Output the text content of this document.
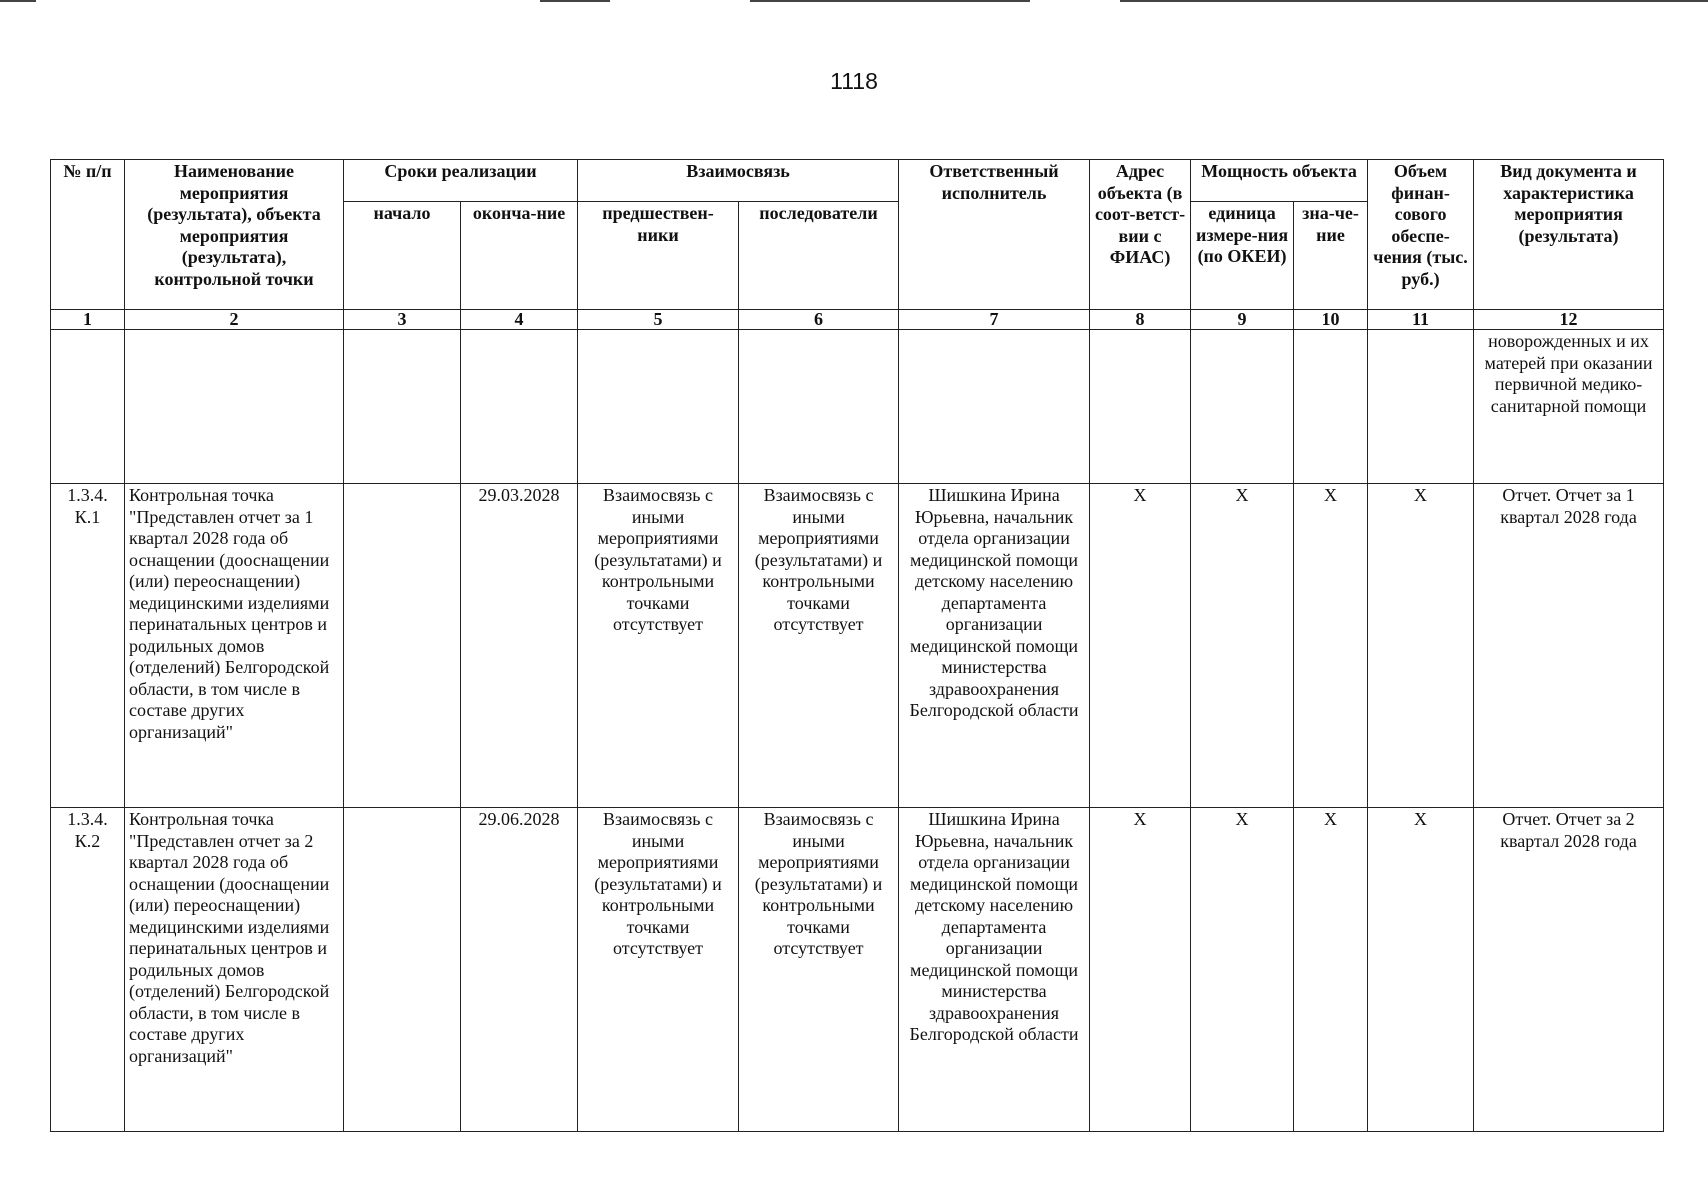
1118
№ п/п	Наименование мероприятия (результата), объекта мероприятия (результата), контрольной точки	Сроки реализации		Взаимосвязь		Ответственный исполнитель	Адрес объекта (в соот-ветст-вии с ФИАС)	Мощность объекта		Объем финан-сового обеспе-чения (тыс. руб.)	Вид документа и характеристика мероприятия (результата)
		начало	оконча-ние	предшествен-ники	последователи			единица измере-ния (по ОКЕИ)	зна-че-ние		
1	2	3	4	5	6	7	8	9	10	11	12
											новорожденных и их матерей при оказании первичной медико-санитарной помощи
1.3.4. К.1	Контрольная точка "Представлен отчет за 1 квартал 2028 года об оснащении (дооснащении (или) переоснащении) медицинскими изделиями перинатальных центров и родильных домов (отделений) Белгородской области, в том числе в составе других организаций"		29.03.2028	Взаимосвязь с иными мероприятиями (результатами) и контрольными точками отсутствует	Взаимосвязь с иными мероприятиями (результатами) и контрольными точками отсутствует	Шишкина Ирина Юрьевна, начальник отдела организации медицинской помощи детскому населению департамента организации медицинской помощи министерства здравоохранения Белгородской области	X	X	X	X	Отчет. Отчет за 1 квартал 2028 года
1.3.4. К.2	Контрольная точка "Представлен отчет за 2 квартал 2028 года об оснащении (дооснащении (или) переоснащении) медицинскими изделиями перинатальных центров и родильных домов (отделений) Белгородской области, в том числе в составе других организаций"		29.06.2028	Взаимосвязь с иными мероприятиями (результатами) и контрольными точками отсутствует	Взаимосвязь с иными мероприятиями (результатами) и контрольными точками отсутствует	Шишкина Ирина Юрьевна, начальник отдела организации медицинской помощи детскому населению департамента организации медицинской помощи министерства здравоохранения Белгородской области	X	X	X	X	Отчет. Отчет за 2 квартал 2028 года
